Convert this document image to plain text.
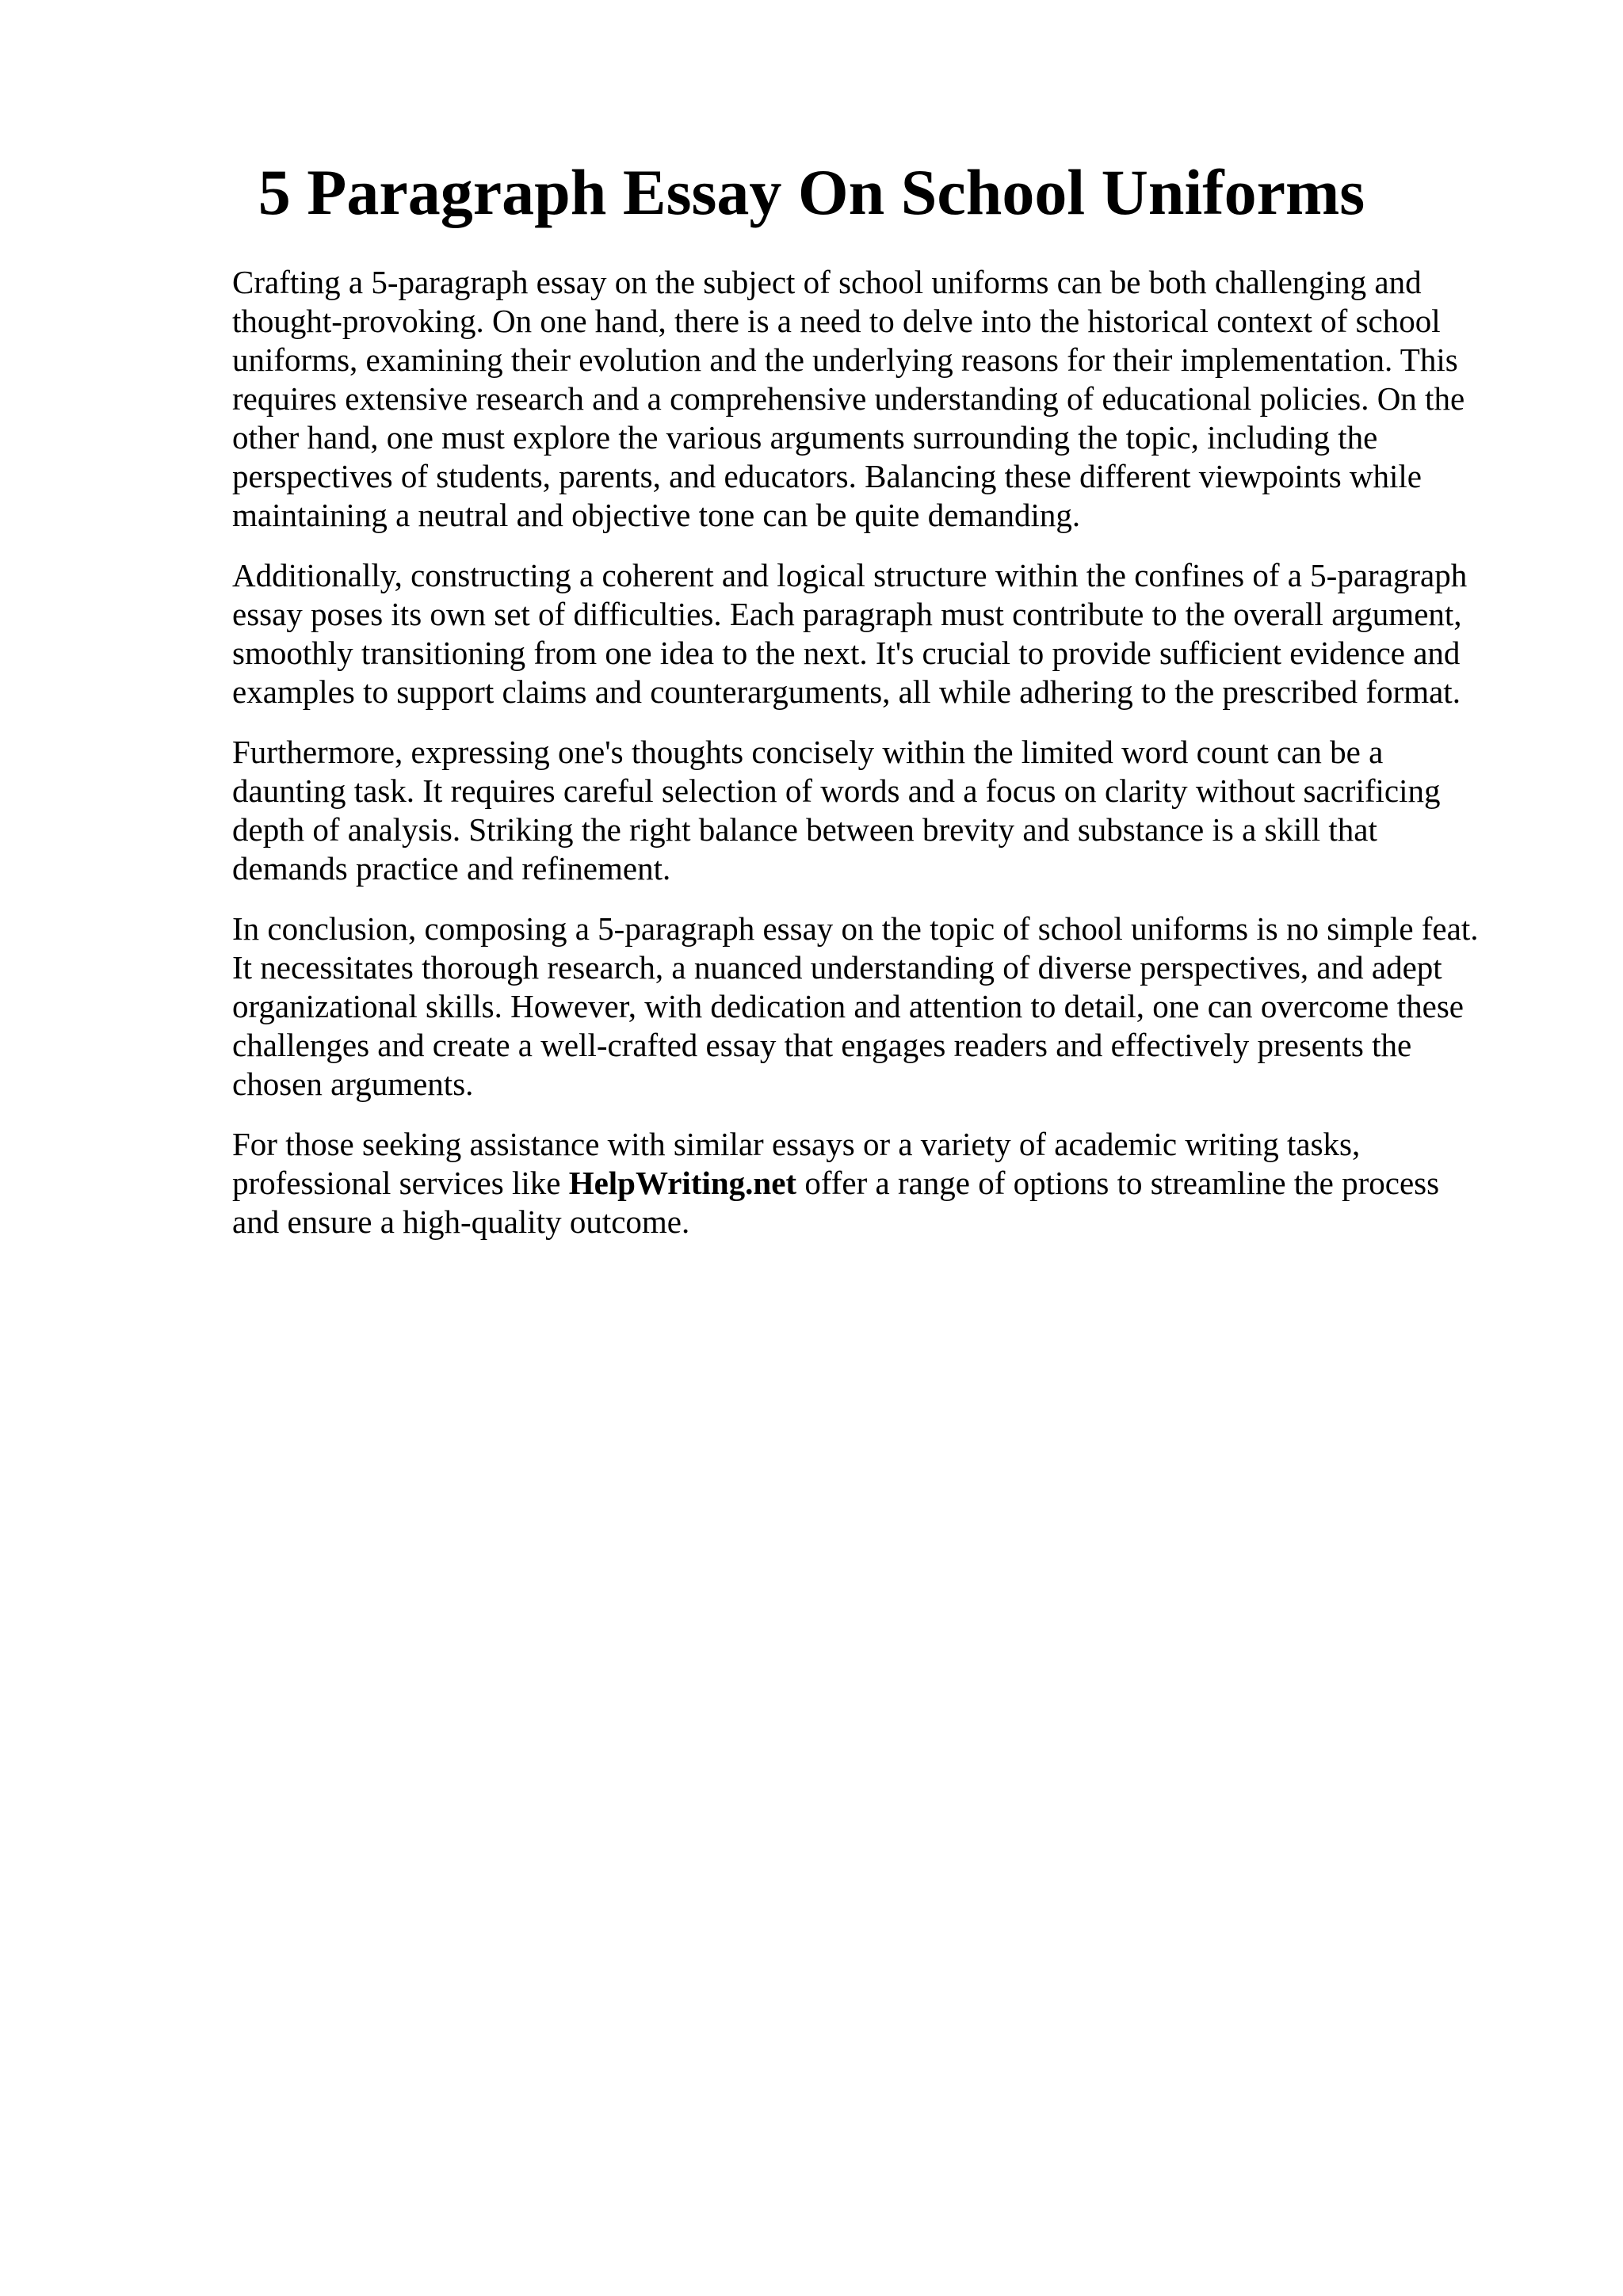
5 Paragraph Essay On School Uniforms

Crafting a 5-paragraph essay on the subject of school uniforms can be both challenging and
thought-provoking. On one hand, there is a need to delve into the historical context of school
uniforms, examining their evolution and the underlying reasons for their implementation. This
requires extensive research and a comprehensive understanding of educational policies. On the
other hand, one must explore the various arguments surrounding the topic, including the
perspectives of students, parents, and educators. Balancing these different viewpoints while
maintaining a neutral and objective tone can be quite demanding.

Additionally, constructing a coherent and logical structure within the confines of a 5-paragraph
essay poses its own set of difficulties. Each paragraph must contribute to the overall argument,
smoothly transitioning from one idea to the next. It's crucial to provide sufficient evidence and
examples to support claims and counterarguments, all while adhering to the prescribed format.

Furthermore, expressing one's thoughts concisely within the limited word count can be a
daunting task. It requires careful selection of words and a focus on clarity without sacrificing
depth of analysis. Striking the right balance between brevity and substance is a skill that
demands practice and refinement.

In conclusion, composing a 5-paragraph essay on the topic of school uniforms is no simple feat.
It necessitates thorough research, a nuanced understanding of diverse perspectives, and adept
organizational skills. However, with dedication and attention to detail, one can overcome these
challenges and create a well-crafted essay that engages readers and effectively presents the
chosen arguments.

For those seeking assistance with similar essays or a variety of academic writing tasks,
professional services like HelpWriting.net offer a range of options to streamline the process
and ensure a high-quality outcome.
